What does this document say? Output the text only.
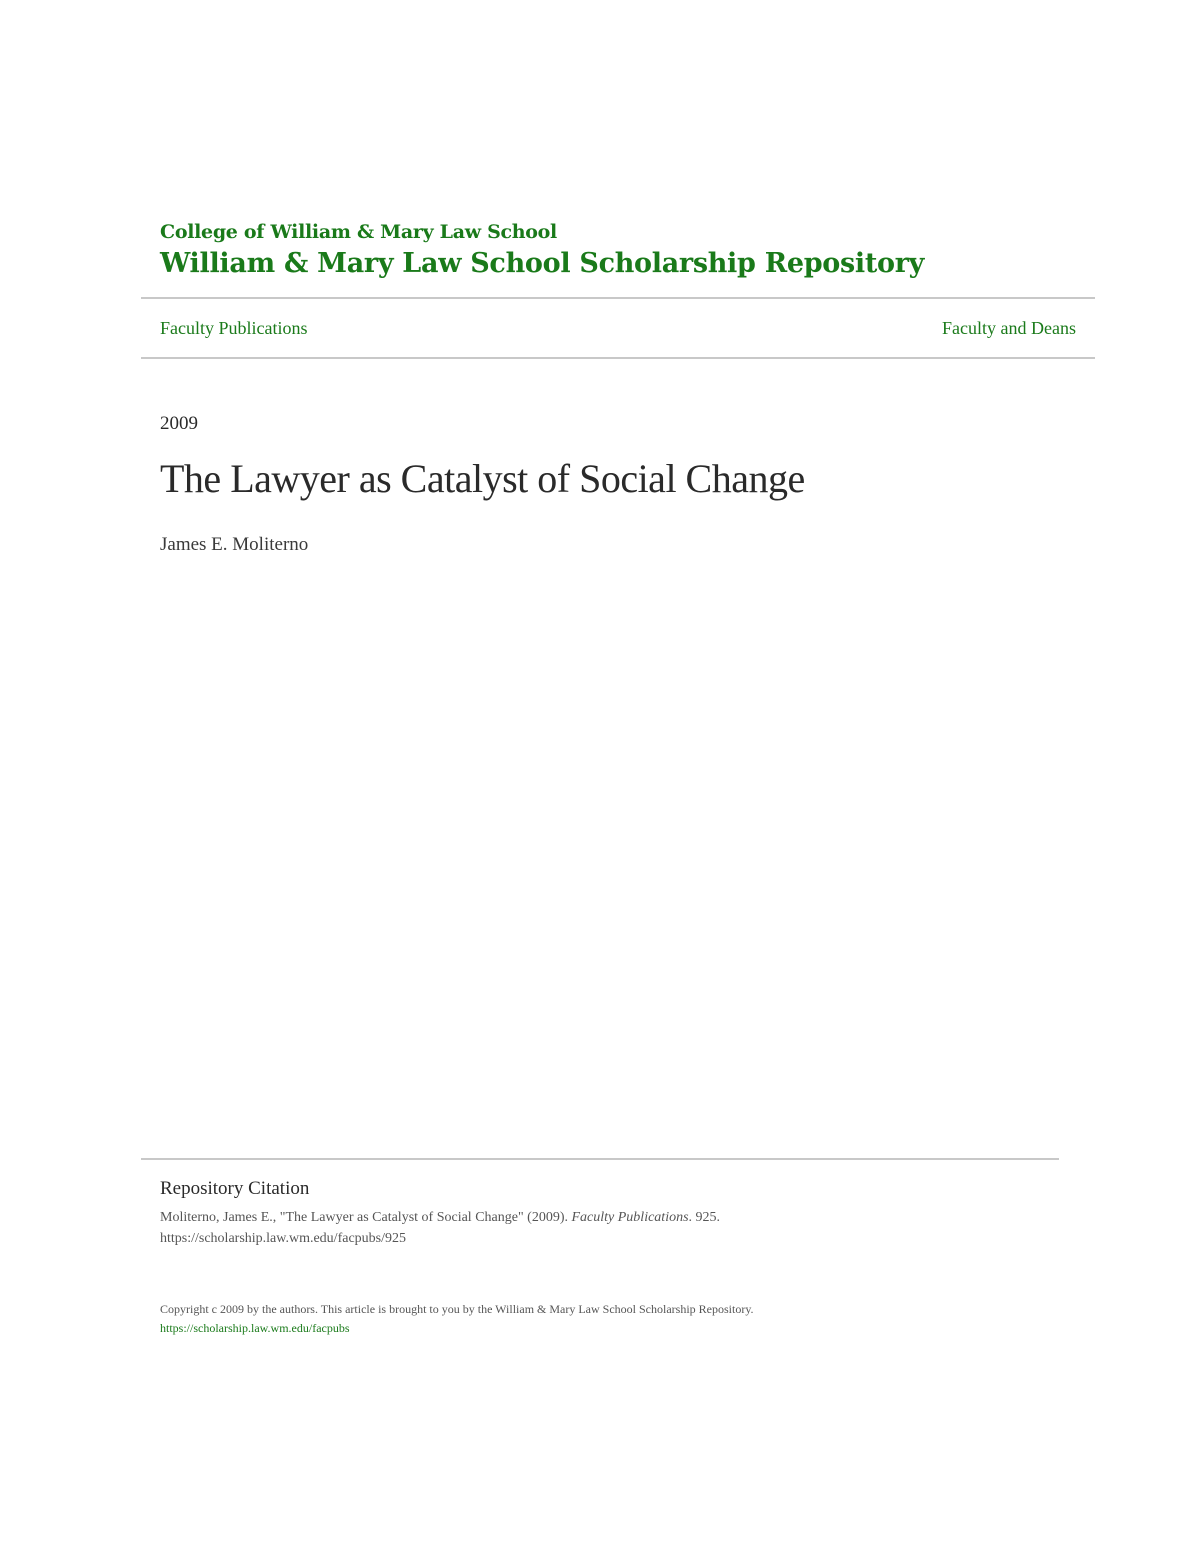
College of William & Mary Law School
William & Mary Law School Scholarship Repository
Faculty Publications	Faculty and Deans
2009
The Lawyer as Catalyst of Social Change
James E. Moliterno
Repository Citation
Moliterno, James E., "The Lawyer as Catalyst of Social Change" (2009). Faculty Publications. 925.
https://scholarship.law.wm.edu/facpubs/925
Copyright c 2009 by the authors. This article is brought to you by the William & Mary Law School Scholarship Repository.
https://scholarship.law.wm.edu/facpubs
